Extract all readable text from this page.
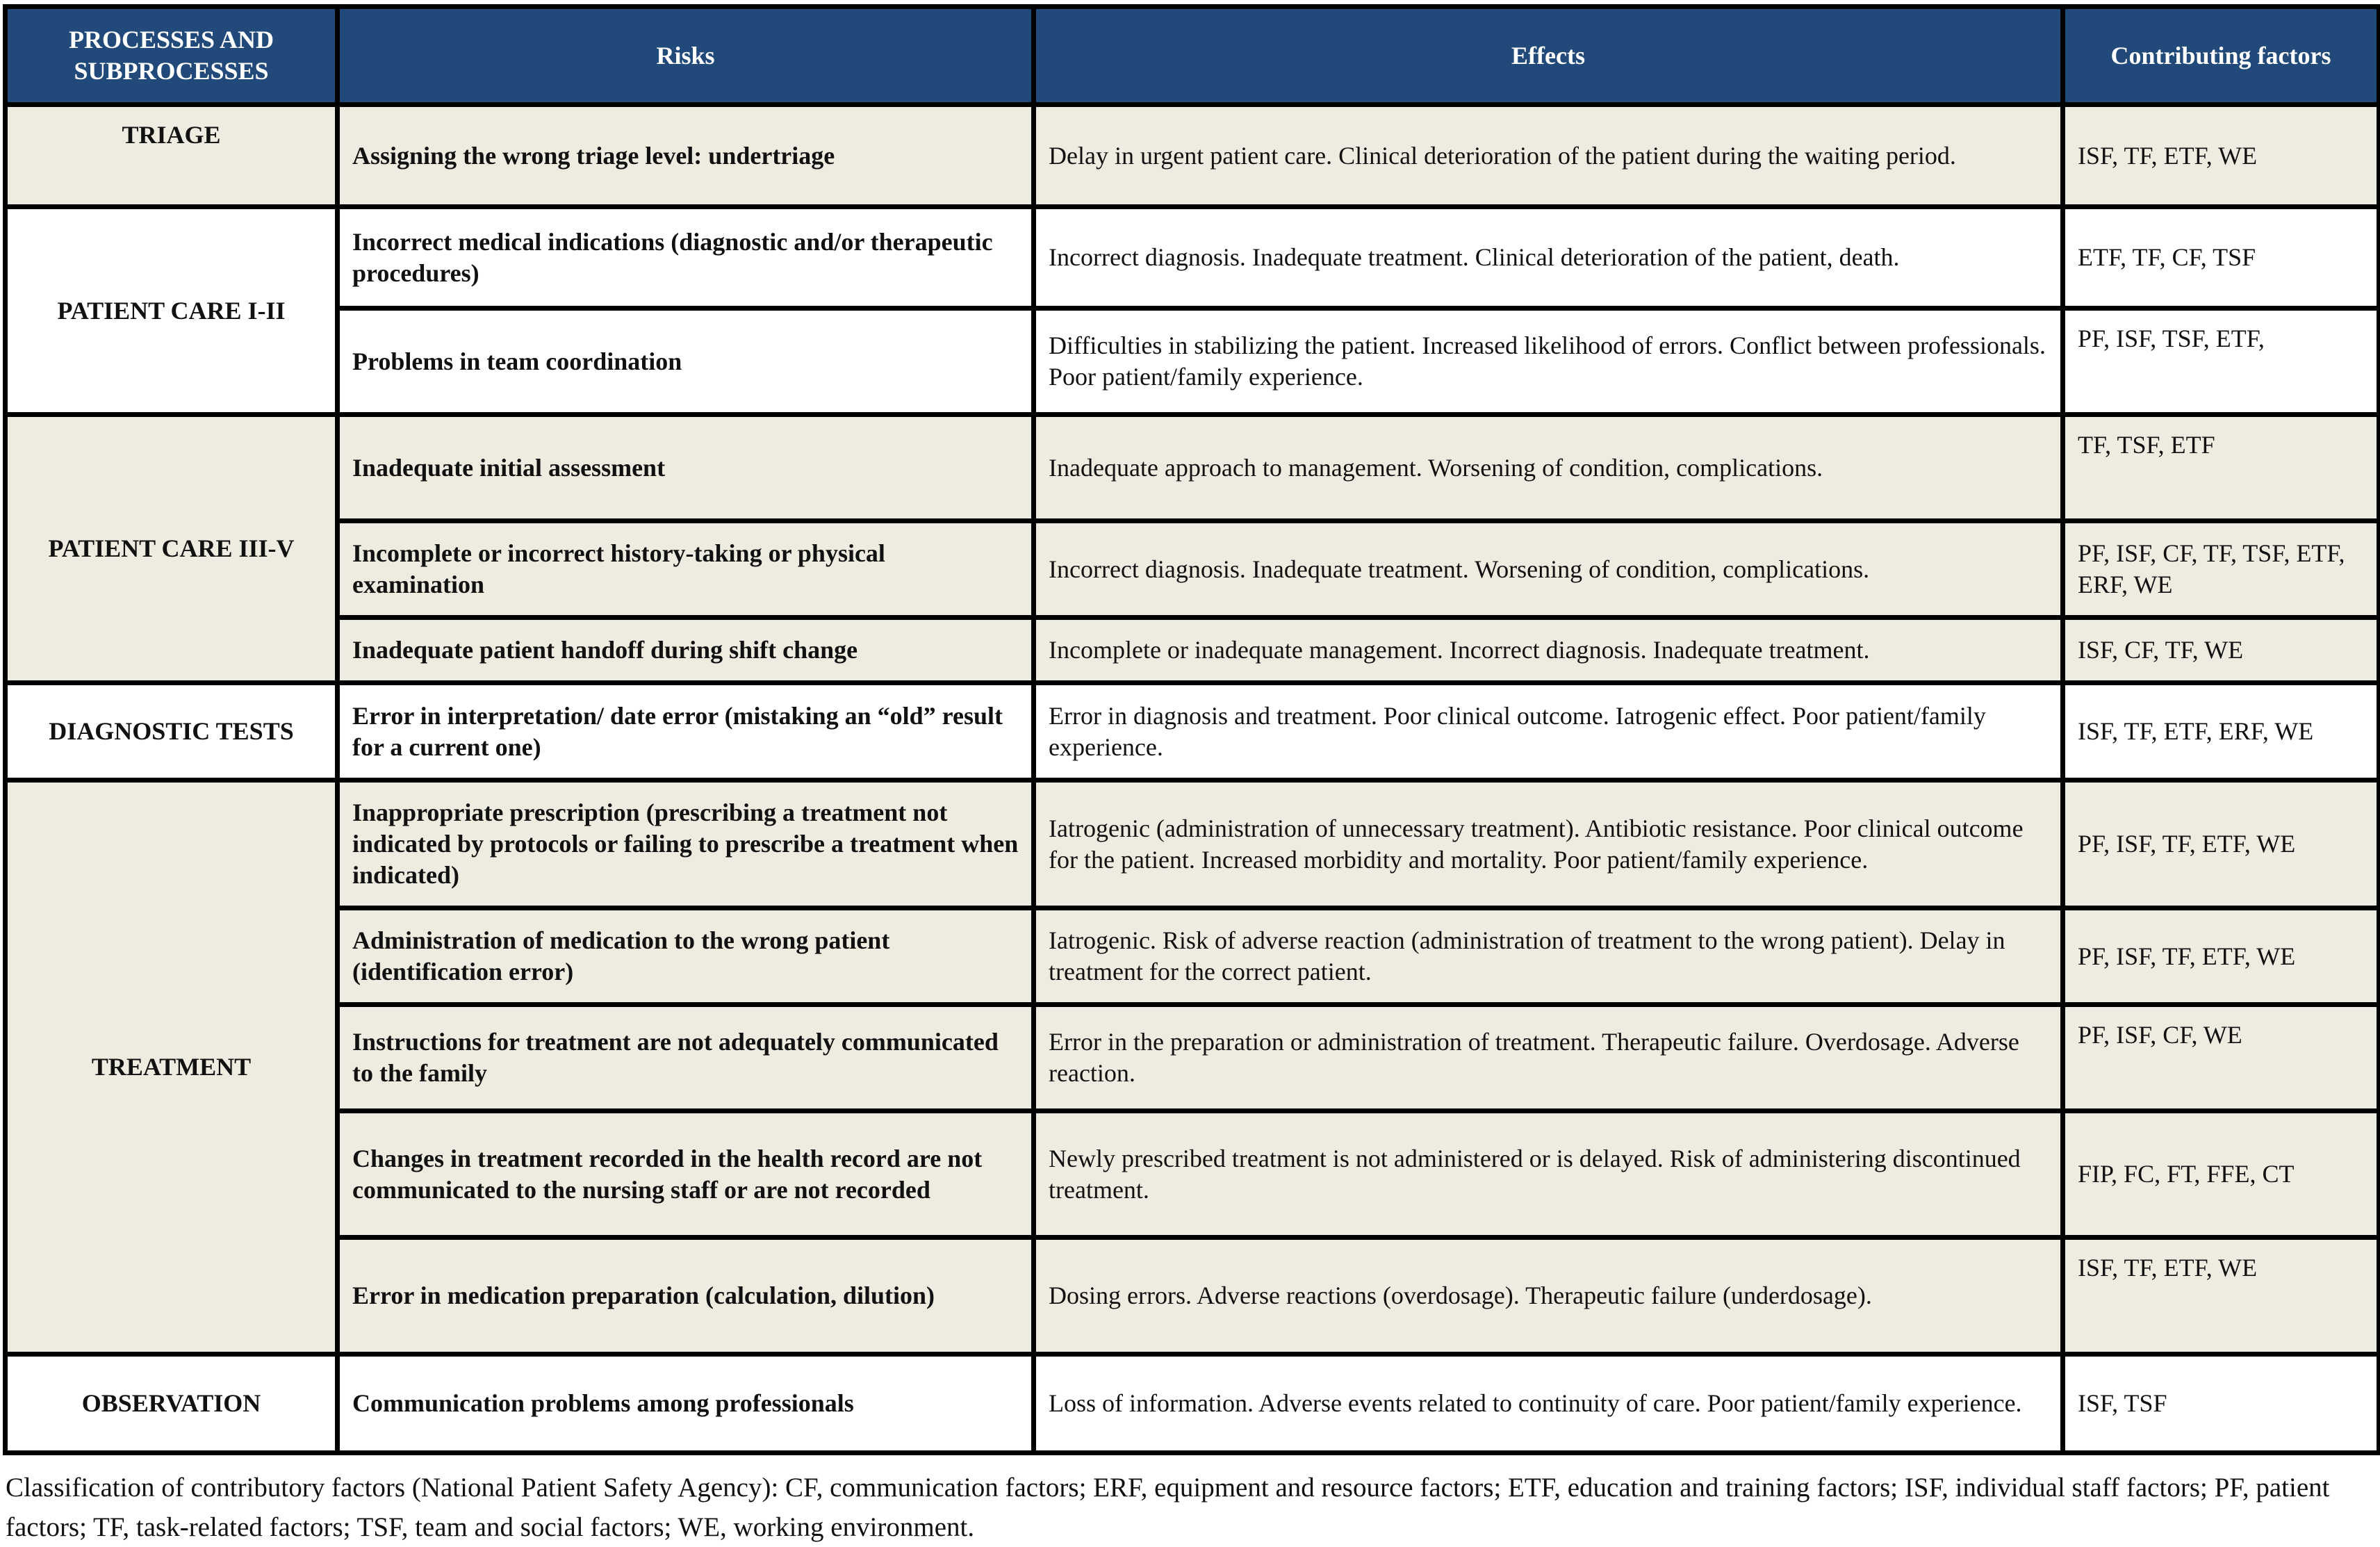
PROCESSES AND SUBPROCESSES	Risks	Effects	Contributing factors
TRIAGE	Assigning the wrong triage level: undertriage	Delay in urgent patient care. Clinical deterioration of the patient during the waiting period.	ISF, TF, ETF, WE
PATIENT CARE I-II	Incorrect medical indications (diagnostic and/or therapeutic procedures)	Incorrect diagnosis. Inadequate treatment. Clinical deterioration of the patient, death.	ETF, TF, CF, TSF
	Problems in team coordination	Difficulties in stabilizing the patient. Increased likelihood of errors. Conflict between professionals. Poor patient/family experience.	PF, ISF, TSF, ETF,
PATIENT CARE III-V	Inadequate initial assessment	Inadequate approach to management. Worsening of condition, complications.	TF, TSF, ETF
	Incomplete or incorrect history-taking or physical examination	Incorrect diagnosis. Inadequate treatment. Worsening of condition, complications.	PF, ISF, CF, TF, TSF, ETF, ERF, WE
	Inadequate patient handoff during shift change	Incomplete or inadequate management. Incorrect diagnosis. Inadequate treatment.	ISF, CF, TF, WE
DIAGNOSTIC TESTS	Error in interpretation/ date error (mistaking an “old” result for a current one)	Error in diagnosis and treatment. Poor clinical outcome. Iatrogenic effect. Poor patient/family experience.	ISF, TF, ETF, ERF, WE
TREATMENT	Inappropriate prescription (prescribing a treatment not indicated by protocols or failing to prescribe a treatment when indicated)	Iatrogenic (administration of unnecessary treatment). Antibiotic resistance. Poor clinical outcome for the patient. Increased morbidity and mortality. Poor patient/family experience.	PF, ISF, TF, ETF, WE
	Administration of medication to the wrong patient (identification error)	Iatrogenic. Risk of adverse reaction (administration of treatment to the wrong patient). Delay in treatment for the correct patient.	PF, ISF, TF, ETF, WE
	Instructions for treatment are not adequately communicated to the family	Error in the preparation or administration of treatment. Therapeutic failure. Overdosage. Adverse reaction.	PF, ISF, CF, WE
	Changes in treatment recorded in the health record are not communicated to the nursing staff or are not recorded	Newly prescribed treatment is not administered or is delayed. Risk of administering discontinued treatment.	FIP, FC, FT, FFE, CT
	Error in medication preparation (calculation, dilution)	Dosing errors. Adverse reactions (overdosage). Therapeutic failure (underdosage).	ISF, TF, ETF, WE
OBSERVATION	Communication problems among professionals	Loss of information. Adverse events related to continuity of care. Poor patient/family experience.	ISF, TSF
Classification of contributory factors (National Patient Safety Agency): CF, communication factors; ERF, equipment and resource factors; ETF, education and training factors; ISF, individual staff factors; PF, patient factors; TF, task-related factors; TSF, team and social factors; WE, working environment.
